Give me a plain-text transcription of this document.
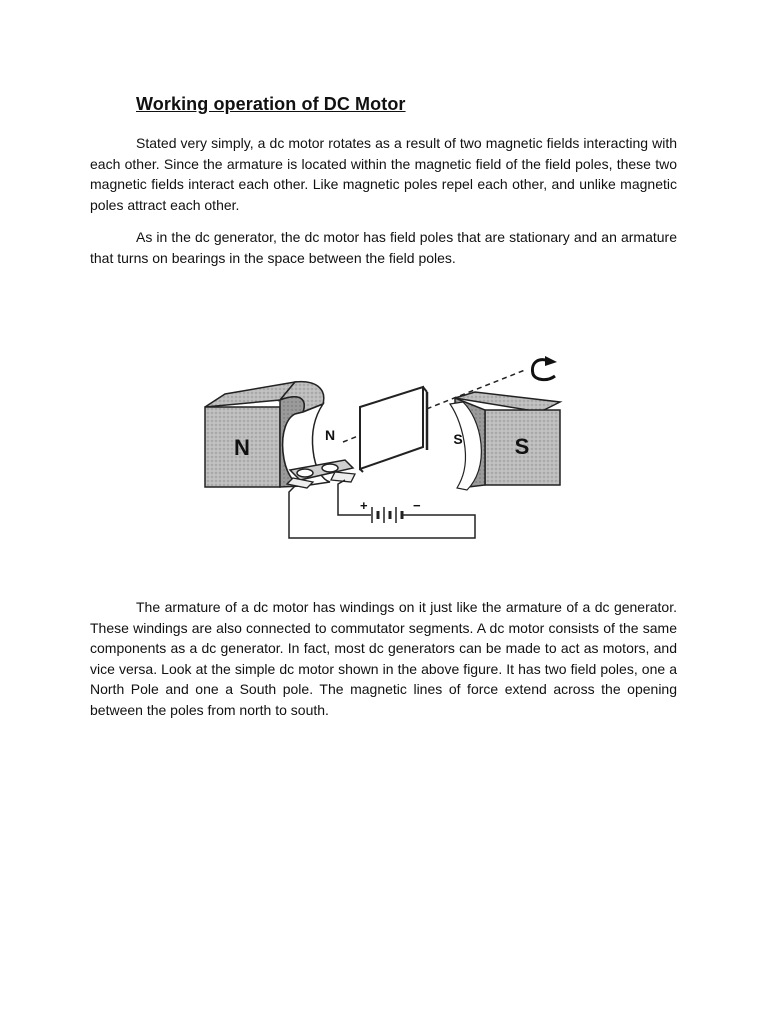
Working operation of DC Motor

Stated very simply, a dc motor rotates as a result of two magnetic fields interacting with each other. Since the armature is located within the magnetic field of the field poles, these two magnetic fields interact each other. Like magnetic poles repel each other, and unlike magnetic poles attract each other.

As in the dc generator, the dc motor has field poles that are stationary and an armature that turns on bearings in the space between the field poles.

N	N	S
S
+	−

The armature of a dc motor has windings on it just like the armature of a dc generator. These windings are also connected to commutator segments. A dc motor consists of the same components as a dc generator. In fact, most dc generators can be made to act as motors, and vice versa. Look at the simple dc motor shown in the above figure. It has two field poles, one a North Pole and one a South pole. The magnetic lines of force extend across the opening between the poles from north to south.
